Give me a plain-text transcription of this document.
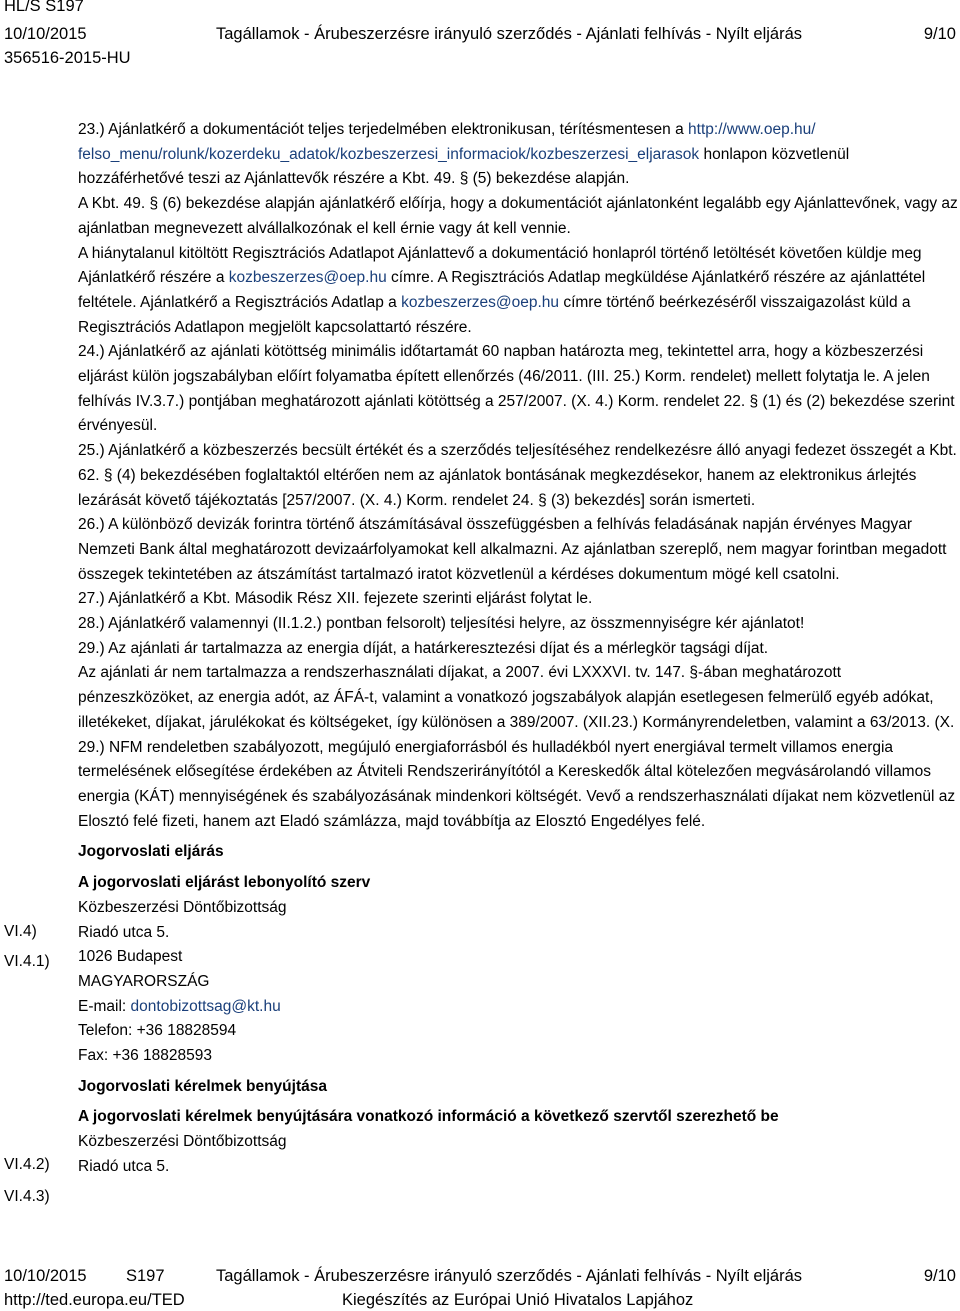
HL/S S197
10/10/2015
356516-2015-HU
Tagállamok - Árubeszerzésre irányuló szerződés - Ajánlati felhívás - Nyílt eljárás	9/10
VI.4)
VI.4.1)
VI.4.2)
VI.4.3)

23.) Ajánlatkérő a dokumentációt teljes terjedelmében elektronikusan, térítésmentesen a http://www.oep.hu/ felso_menu/rolunk/kozerdeku_adatok/kozbeszerzesi_informaciok/kozbeszerzesi_eljarasok honlapon közvetlenül hozzáférhetővé teszi az Ajánlattevők részére a Kbt. 49. § (5) bekezdése alapján.

A Kbt. 49. § (6) bekezdése alapján ajánlatkérő előírja, hogy a dokumentációt ajánlatonként legalább egy Ajánlattevőnek, vagy az ajánlatban megnevezett alvállalkozónak el kell érnie vagy át kell vennie.

A hiánytalanul kitöltött Regisztrációs Adatlapot Ajánlattevő a dokumentáció honlapról történő letöltését követően küldje meg Ajánlatkérő részére a kozbeszerzes@oep.hu címre. A Regisztrációs Adatlap megküldése Ajánlatkérő részére az ajánlattétel feltétele. Ajánlatkérő a Regisztrációs Adatlap a kozbeszerzes@oep.hu címre történő beérkezéséről visszaigazolást küld a Regisztrációs Adatlapon megjelölt kapcsolattartó részére.

24.) Ajánlatkérő az ajánlati kötöttség minimális időtartamát 60 napban határozta meg, tekintettel arra, hogy a közbeszerzési eljárást külön jogszabályban előírt folyamatba épített ellenőrzés (46/2011. (III. 25.) Korm. rendelet) mellett folytatja le. A jelen felhívás IV.3.7.) pontjában meghatározott ajánlati kötöttség a 257/2007. (X. 4.) Korm. rendelet 22. § (1) és (2) bekezdése szerint érvényesül.

25.) Ajánlatkérő a közbeszerzés becsült értékét és a szerződés teljesítéséhez rendelkezésre álló anyagi fedezet összegét a Kbt. 62. § (4) bekezdésében foglaltaktól eltérően nem az ajánlatok bontásának megkezdésekor, hanem az elektronikus árlejtés lezárását követő tájékoztatás [257/2007. (X. 4.) Korm. rendelet 24. § (3) bekezdés] során ismerteti.

26.) A különböző devizák forintra történő átszámításával összefüggésben a felhívás feladásának napján érvényes Magyar Nemzeti Bank által meghatározott devizaárfolyamokat kell alkalmazni. Az ajánlatban szereplő, nem magyar forintban megadott összegek tekintetében az átszámítást tartalmazó iratot közvetlenül a kérdéses dokumentum mögé kell csatolni.

27.) Ajánlatkérő a Kbt. Második Rész XII. fejezete szerinti eljárást folytat le.

28.) Ajánlatkérő valamennyi (II.1.2.) pontban felsorolt) teljesítési helyre, az összmennyiségre kér ajánlatot!

29.) Az ajánlati ár tartalmazza az energia díját, a határkeresztezési díjat és a mérlegkör tagsági díjat.

Az ajánlati ár nem tartalmazza a rendszerhasználati díjakat, a 2007. évi LXXXVI. tv. 147. §-ában meghatározott pénzeszközöket, az energia adót, az ÁFÁ-t, valamint a vonatkozó jogszabályok alapján esetlegesen felmerülő egyéb adókat, illetékeket, díjakat, járulékokat és költségeket, így különösen a 389/2007. (XII.23.) Kormányrendeletben, valamint a 63/2013. (X. 29.) NFM rendeletben szabályozott, megújuló energiaforrásból és hulladékból nyert energiával termelt villamos energia termelésének elősegítése érdekében az Átviteli Rendszerirányítótól a Kereskedők által kötelezően megvásárolandó villamos energia (KÁT) mennyiségének és szabályozásának mindenkori költségét. Vevő a rendszerhasználati díjakat nem közvetlenül az Elosztó felé fizeti, hanem azt Eladó számlázza, majd továbbítja az Elosztó Engedélyes felé.

Jogorvoslati eljárás

A jogorvoslati eljárást lebonyolító szerv

Közbeszerzési Döntőbizottság

Riadó utca 5.

1026 Budapest

MAGYARORSZÁG

E-mail: dontobizottsag@kt.hu

Telefon: +36 18828594

Fax: +36 18828593

Jogorvoslati kérelmek benyújtása

A jogorvoslati kérelmek benyújtására vonatkozó információ a következő szervtől szerezhető be

Közbeszerzési Döntőbizottság

Riadó utca 5.

10/10/2015 S197	Tagállamok - Árubeszerzésre irányuló szerződés - Ajánlati felhívás - Nyílt eljárás	9/10
http://ted.europa.eu/TED	Kiegészítés az Európai Unió Hivatalos Lapjához
